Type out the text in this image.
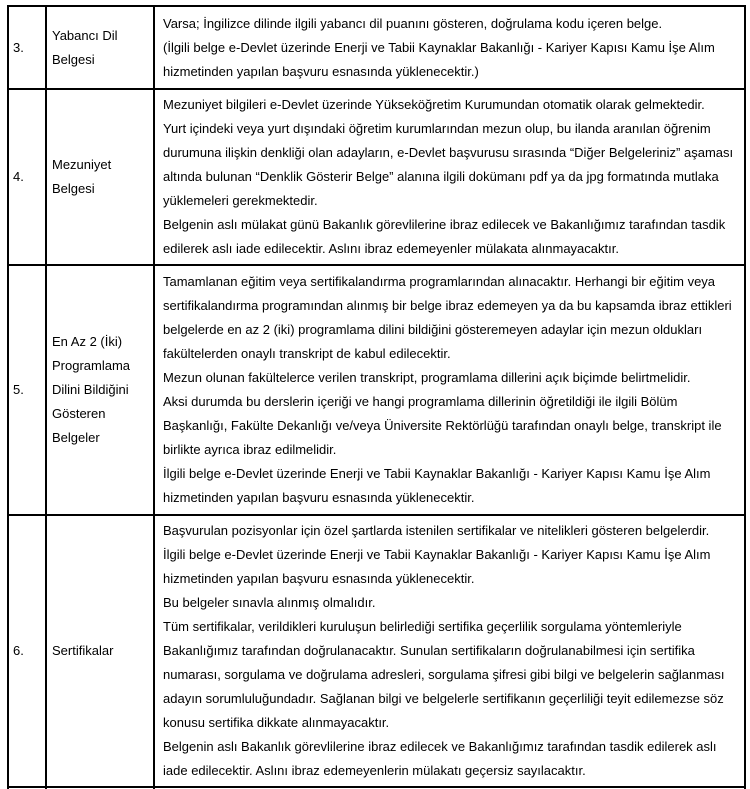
3.	Yabancı Dil Belgesi	Varsa; İngilizce dilinde ilgili yabancı dil puanını gösteren, doğrulama kodu içeren belge.
(İlgili belge e-Devlet üzerinde Enerji ve Tabii Kaynaklar Bakanlığı - Kariyer Kapısı Kamu İşe Alım hizmetinden yapılan başvuru esnasında yüklenecektir.)

4.	Mezuniyet Belgesi	Mezuniyet bilgileri e-Devlet üzerinde Yükseköğretim Kurumundan otomatik olarak gelmektedir.
Yurt içindeki veya yurt dışındaki öğretim kurumlarından mezun olup, bu ilanda aranılan öğrenim durumuna ilişkin denkliği olan adayların, e-Devlet başvurusu sırasında “Diğer Belgeleriniz” aşaması altında bulunan “Denklik Gösterir Belge” alanına ilgili dokümanı pdf ya da jpg formatında mutlaka yüklemeleri gerekmektedir.
Belgenin aslı mülakat günü Bakanlık görevlilerine ibraz edilecek ve Bakanlığımız tarafından tasdik edilerek aslı iade edilecektir. Aslını ibraz edemeyenler mülakata alınmayacaktır.

5.	En Az 2 (İki) Programlama Dilini Bildiğini Gösteren Belgeler	Tamamlanan eğitim veya sertifikalandırma programlarından alınacaktır. Herhangi bir eğitim veya sertifikalandırma programından alınmış bir belge ibraz edemeyen ya da bu kapsamda ibraz ettikleri belgelerde en az 2 (iki) programlama dilini bildiğini gösteremeyen adaylar için mezun oldukları fakültelerden onaylı transkript de kabul edilecektir.
Mezun olunan fakültelerce verilen transkript, programlama dillerini açık biçimde belirtmelidir.
Aksi durumda bu derslerin içeriği ve hangi programlama dillerinin öğretildiği ile ilgili Bölüm Başkanlığı, Fakülte Dekanlığı ve/veya Üniversite Rektörlüğü tarafından onaylı belge, transkript ile birlikte ayrıca ibraz edilmelidir.
İlgili belge e-Devlet üzerinde Enerji ve Tabii Kaynaklar Bakanlığı - Kariyer Kapısı Kamu İşe Alım hizmetinden yapılan başvuru esnasında yüklenecektir.

6.	Sertifikalar	Başvurulan pozisyonlar için özel şartlarda istenilen sertifikalar ve nitelikleri gösteren belgelerdir.
İlgili belge e-Devlet üzerinde Enerji ve Tabii Kaynaklar Bakanlığı - Kariyer Kapısı Kamu İşe Alım hizmetinden yapılan başvuru esnasında yüklenecektir.
Bu belgeler sınavla alınmış olmalıdır.
Tüm sertifikalar, verildikleri kuruluşun belirlediği sertifika geçerlilik sorgulama yöntemleriyle Bakanlığımız tarafından doğrulanacaktır. Sunulan sertifikaların doğrulanabilmesi için sertifika numarası, sorgulama ve doğrulama adresleri, sorgulama şifresi gibi bilgi ve belgelerin sağlanması adayın sorumluluğundadır. Sağlanan bilgi ve belgelerle sertifikanın geçerliliği teyit edilemezse söz konusu sertifika dikkate alınmayacaktır.
Belgenin aslı Bakanlık görevlilerine ibraz edilecek ve Bakanlığımız tarafından tasdik edilerek aslı iade edilecektir. Aslını ibraz edemeyenlerin mülakatı geçersiz sayılacaktır.
